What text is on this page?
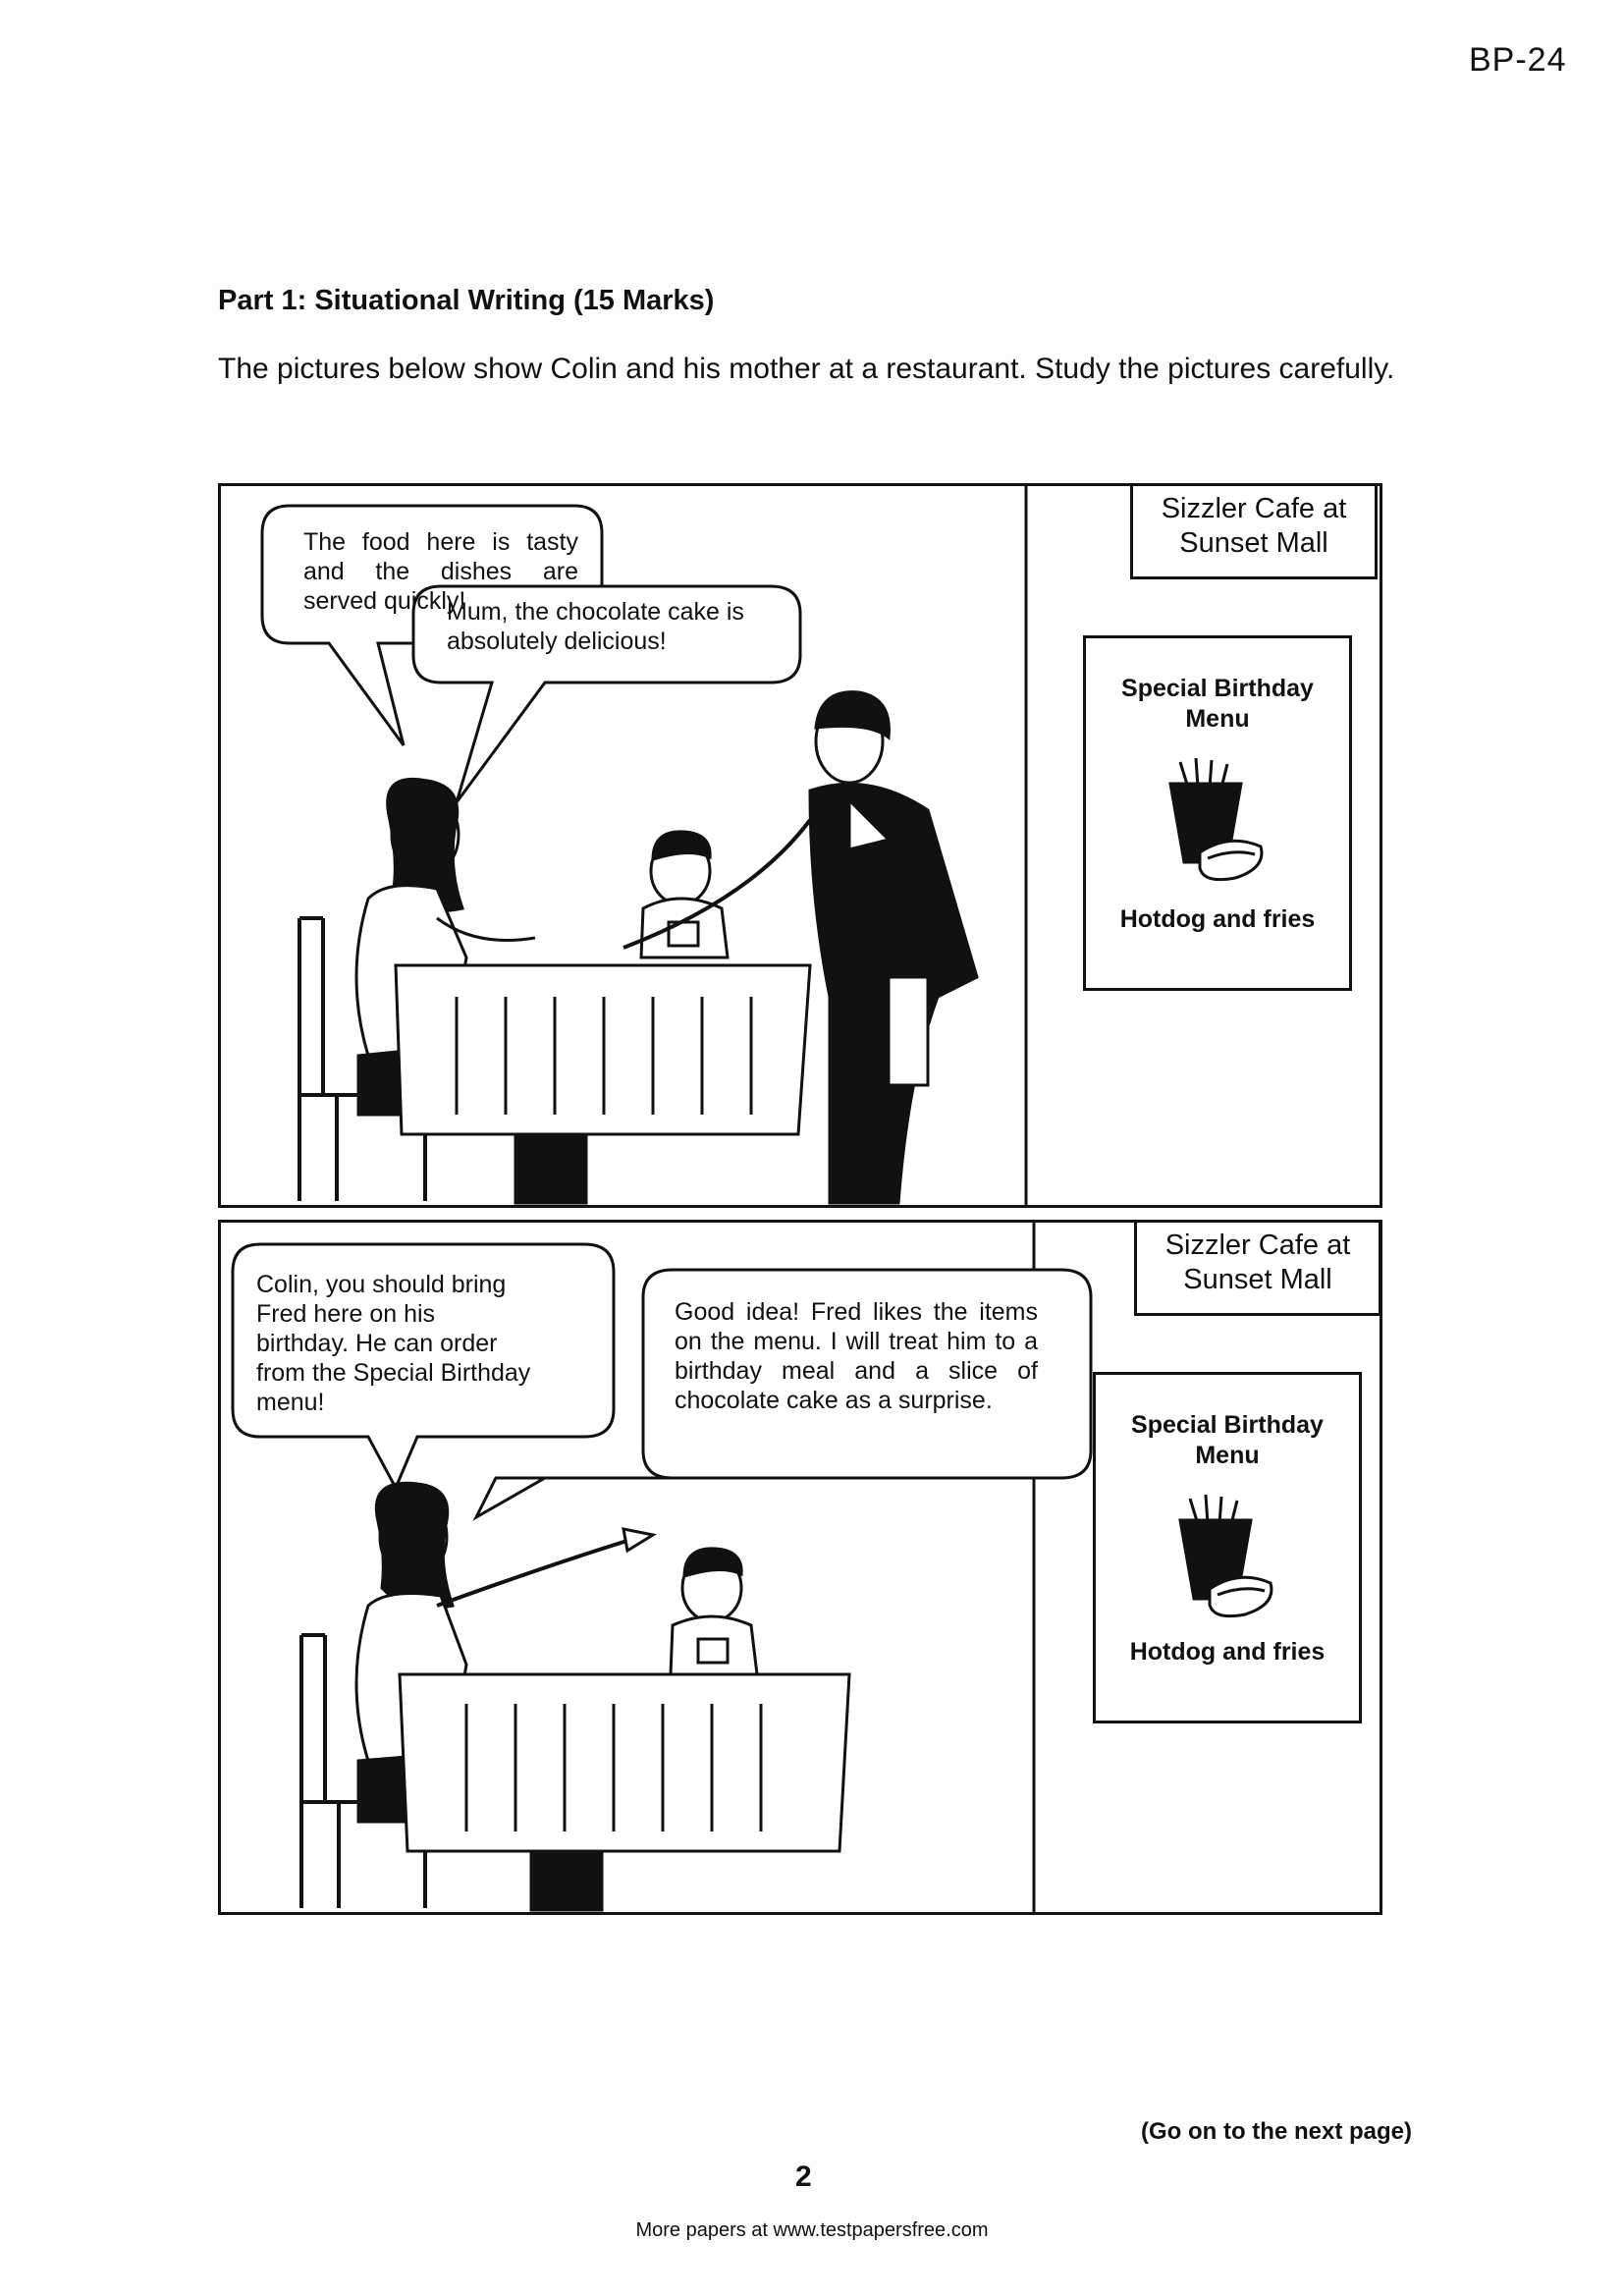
BP-24
Part 1: Situational Writing (15 Marks)
The pictures below show Colin and his mother at a restaurant. Study the pictures carefully.
The food here is tasty and the dishes are served quickly!
Mum, the chocolate cake is absolutely delicious!
Sizzler Cafe at
Sunset Mall
Special Birthday
Menu
Hotdog and fries
Colin, you should bring
Fred here on his
birthday. He can order
from the Special Birthday
menu!
Good idea! Fred likes the items on the menu. I will treat him to a birthday meal and a slice of chocolate cake as a surprise.
Sizzler Cafe at
Sunset Mall
Special Birthday
Menu
Hotdog and fries
(Go on to the next page)
2
More papers at www.testpapersfree.com
